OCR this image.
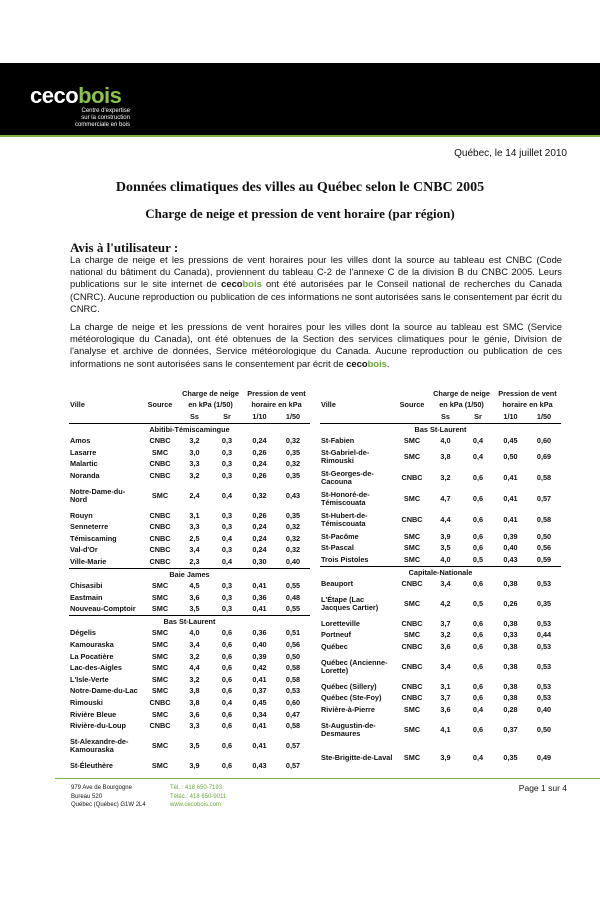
cecobois
Centre d'expertise
sur la construction
commerciale en bois
Québec, le 14 juillet 2010
Données climatiques des villes au Québec selon le CNBC 2005
Charge de neige et pression de vent horaire (par région)
Avis à l'utilisateur :
La charge de neige et les pressions de vent horaires pour les villes dont la source au tableau est CNBC (Code national du bâtiment du Canada), proviennent du tableau C-2 de l'annexe C de la division B du CNBC 2005. Leurs publications sur le site internet de cecobois ont été autorisées par le Conseil national de recherches du Canada (CNRC). Aucune reproduction ou publication de ces informations ne sont autorisées sans le consentement par écrit du CNRC.
La charge de neige et les pressions de vent horaires pour les villes dont la source au tableau est SMC (Service météorologique du Canada), ont été obtenues de la Section des services climatiques pour le génie, Division de l'analyse et archive de données, Service météorologique du Canada. Aucune reproduction ou publication de ces informations ne sont autorisées sans le consentement par écrit de cecobois.
		Charge de neige		Pression de vent	
Ville	Source	en kPa (1/50)		horaire en kPa	
		Ss	Sr	1/10	1/50
Abitibi-Témiscamingue					
Amos	CNBC	3,2	0,3	0,24	0,32
Lasarre	SMC	3,0	0,3	0,26	0,35
Malartic	CNBC	3,3	0,3	0,24	0,32
Noranda	CNBC	3,2	0,3	0,26	0,35
Notre-Dame-du-Nord	SMC	2,4	0,4	0,32	0,43
Rouyn	CNBC	3,1	0,3	0,26	0,35
Senneterre	CNBC	3,3	0,3	0,24	0,32
Témiscaming	CNBC	2,5	0,4	0,24	0,32
Val-d'Or	CNBC	3,4	0,3	0,24	0,32
Ville-Marie	CNBC	2,3	0,4	0,30	0,40
Baie James					
Chisasibi	SMC	4,5	0,3	0,41	0,55
Eastmain	SMC	3,6	0,3	0,36	0,48
Nouveau-Comptoir	SMC	3,5	0,3	0,41	0,55
Bas St-Laurent					
Dégelis	SMC	4,0	0,6	0,36	0,51
Kamouraska	SMC	3,4	0,6	0,40	0,56
La Pocatière	SMC	3,2	0,6	0,39	0,50
Lac-des-Aigles	SMC	4,4	0,6	0,42	0,58
L'Isle-Verte	SMC	3,2	0,6	0,41	0,58
Notre-Dame-du-Lac	SMC	3,8	0,6	0,37	0,53
Rimouski	CNBC	3,8	0,4	0,45	0,60
Rivière Bleue	SMC	3,6	0,6	0,34	0,47
Rivière-du-Loup	CNBC	3,3	0,6	0,41	0,58
St-Alexandre-de-Kamouraska	SMC	3,5	0,6	0,41	0,57
St-Éleuthère	SMC	3,9	0,6	0,43	0,57
		Charge de neige		Pression de vent	
Ville	Source	en kPa (1/50)		horaire en kPa	
		Ss	Sr	1/10	1/50
Bas St-Laurent					
St-Fabien	SMC	4,0	0,4	0,45	0,60
St-Gabriel-de-Rimouski	SMC	3,8	0,4	0,50	0,69
St-Georges-de-Cacouna	CNBC	3,2	0,6	0,41	0,58
St-Honoré-de-Témiscouata	SMC	4,7	0,6	0,41	0,57
St-Hubert-de-Témiscouata	CNBC	4,4	0,6	0,41	0,58
St-Pacôme	SMC	3,9	0,6	0,39	0,50
St-Pascal	SMC	3,5	0,6	0,40	0,56
Trois Pistoles	SMC	4,0	0,5	0,43	0,59
Capitale-Nationale					
Beauport	CNBC	3,4	0,6	0,38	0,53
L'Étape (Lac Jacques Cartier)	SMC	4,2	0,5	0,26	0,35
Loretteville	CNBC	3,7	0,6	0,38	0,53
Portneuf	SMC	3,2	0,6	0,33	0,44
Québec	CNBC	3,6	0,6	0,38	0,53
Québec (Ancienne-Lorette)	CNBC	3,4	0,6	0,38	0,53
Québec (Sillery)	CNBC	3,1	0,6	0,38	0,53
Québec (Ste-Foy)	CNBC	3,7	0,6	0,38	0,53
Rivière-à-Pierre	SMC	3,6	0,4	0,28	0,40
St-Augustin-de-Desmaures	SMC	4,1	0,6	0,37	0,50
Ste-Brigitte-de-Laval	SMC	3,9	0,4	0,35	0,49
979 Ave de Bourgogne
Bureau 520
Québec (Québec) G1W 2L4
Tél. : 418 650-7193
Téléc.: 418 650-9011
www.cecobois.com
Page 1 sur 4
